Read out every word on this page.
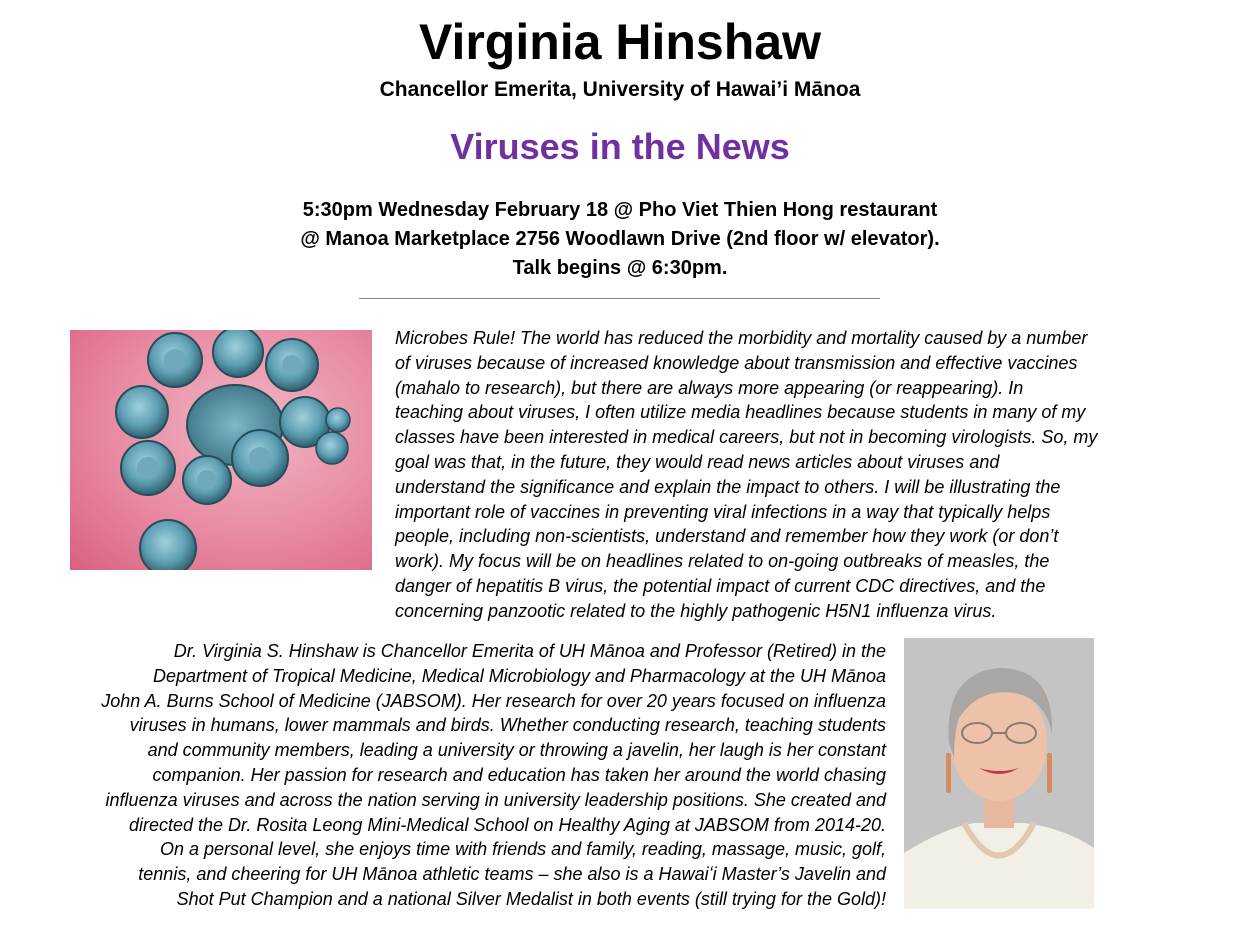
Virginia Hinshaw
Chancellor Emerita, University of Hawai’i Mānoa
Viruses in the News
5:30pm Wednesday February 18 @ Pho Viet Thien Hong restaurant
@ Manoa Marketplace 2756 Woodlawn Drive (2nd floor w/ elevator).
Talk begins @ 6:30pm.
Microbes Rule! The world has reduced the morbidity and mortality caused by a number
of viruses because of increased knowledge about transmission and effective vaccines
(mahalo to research), but there are always more appearing (or reappearing). In
teaching about viruses, I often utilize media headlines because students in many of my
classes have been interested in medical careers, but not in becoming virologists. So, my
goal was that, in the future, they would read news articles about viruses and
understand the significance and explain the impact to others. I will be illustrating the
important role of vaccines in preventing viral infections in a way that typically helps
people, including non-scientists, understand and remember how they work (or don’t
work). My focus will be on headlines related to on-going outbreaks of measles, the
danger of hepatitis B virus, the potential impact of current CDC directives, and the
concerning panzootic related to the highly pathogenic H5N1 influenza virus.
Dr. Virginia S. Hinshaw is Chancellor Emerita of UH Mānoa and Professor (Retired) in the
Department of Tropical Medicine, Medical Microbiology and Pharmacology at the UH Mānoa
John A. Burns School of Medicine (JABSOM). Her research for over 20 years focused on influenza
viruses in humans, lower mammals and birds. Whether conducting research, teaching students
and community members, leading a university or throwing a javelin, her laugh is her constant
companion. Her passion for research and education has taken her around the world chasing
influenza viruses and across the nation serving in university leadership positions. She created and
directed the Dr. Rosita Leong Mini-Medical School on Healthy Aging at JABSOM from 2014-20.
On a personal level, she enjoys time with friends and family, reading, massage, music, golf,
tennis, and cheering for UH Mānoa athletic teams – she also is a Hawaiʻi Master’s Javelin and
Shot Put Champion and a national Silver Medalist in both events (still trying for the Gold)!
